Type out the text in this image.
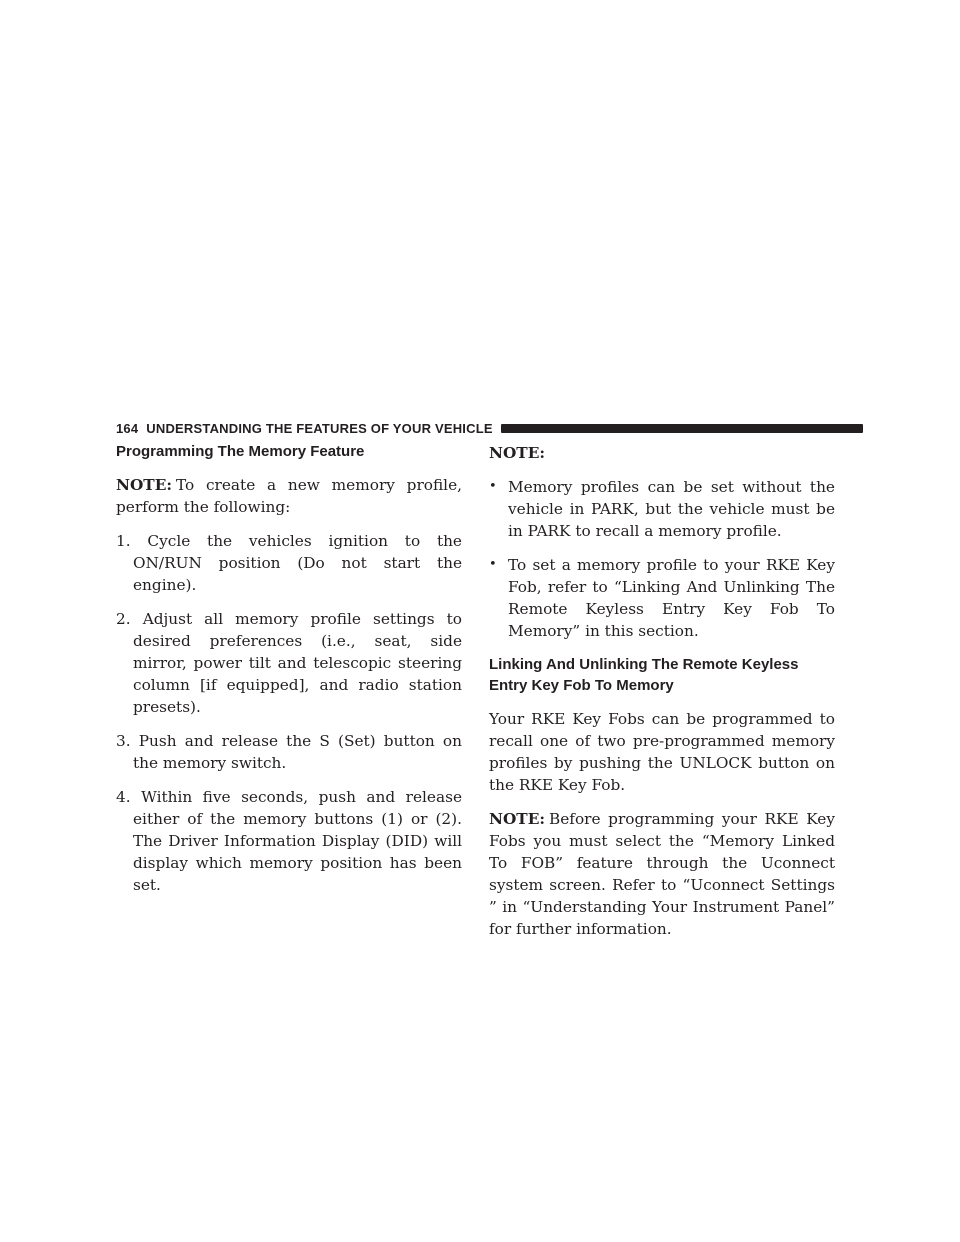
164 UNDERSTANDING THE FEATURES OF YOUR VEHICLE
Programming The Memory Feature

NOTE: To create a new memory profile, perform the following:

1. Cycle the vehicles ignition to the ON/RUN position (Do not start the engine).
2. Adjust all memory profile settings to desired preferences (i.e., seat, side mirror, power tilt and telescopic steering column [if equipped], and radio station presets).
3. Push and release the S (Set) button on the memory switch.
4. Within five seconds, push and release either of the memory buttons (1) or (2). The Driver Information Display (DID) will display which memory position has been set.
NOTE:
• Memory profiles can be set without the vehicle in PARK, but the vehicle must be in PARK to recall a memory profile.
• To set a memory profile to your RKE Key Fob, refer to “Linking And Unlinking The Remote Keyless Entry Key Fob To Memory” in this section.
Linking And Unlinking The Remote Keyless Entry Key Fob To Memory

Your RKE Key Fobs can be programmed to recall one of two pre-programmed memory profiles by pushing the UNLOCK button on the RKE Key Fob.

NOTE: Before programming your RKE Key Fobs you must select the “Memory Linked To FOB” feature through the Uconnect system screen. Refer to “Uconnect Settings ” in “Understanding Your Instrument Panel” for further information.
